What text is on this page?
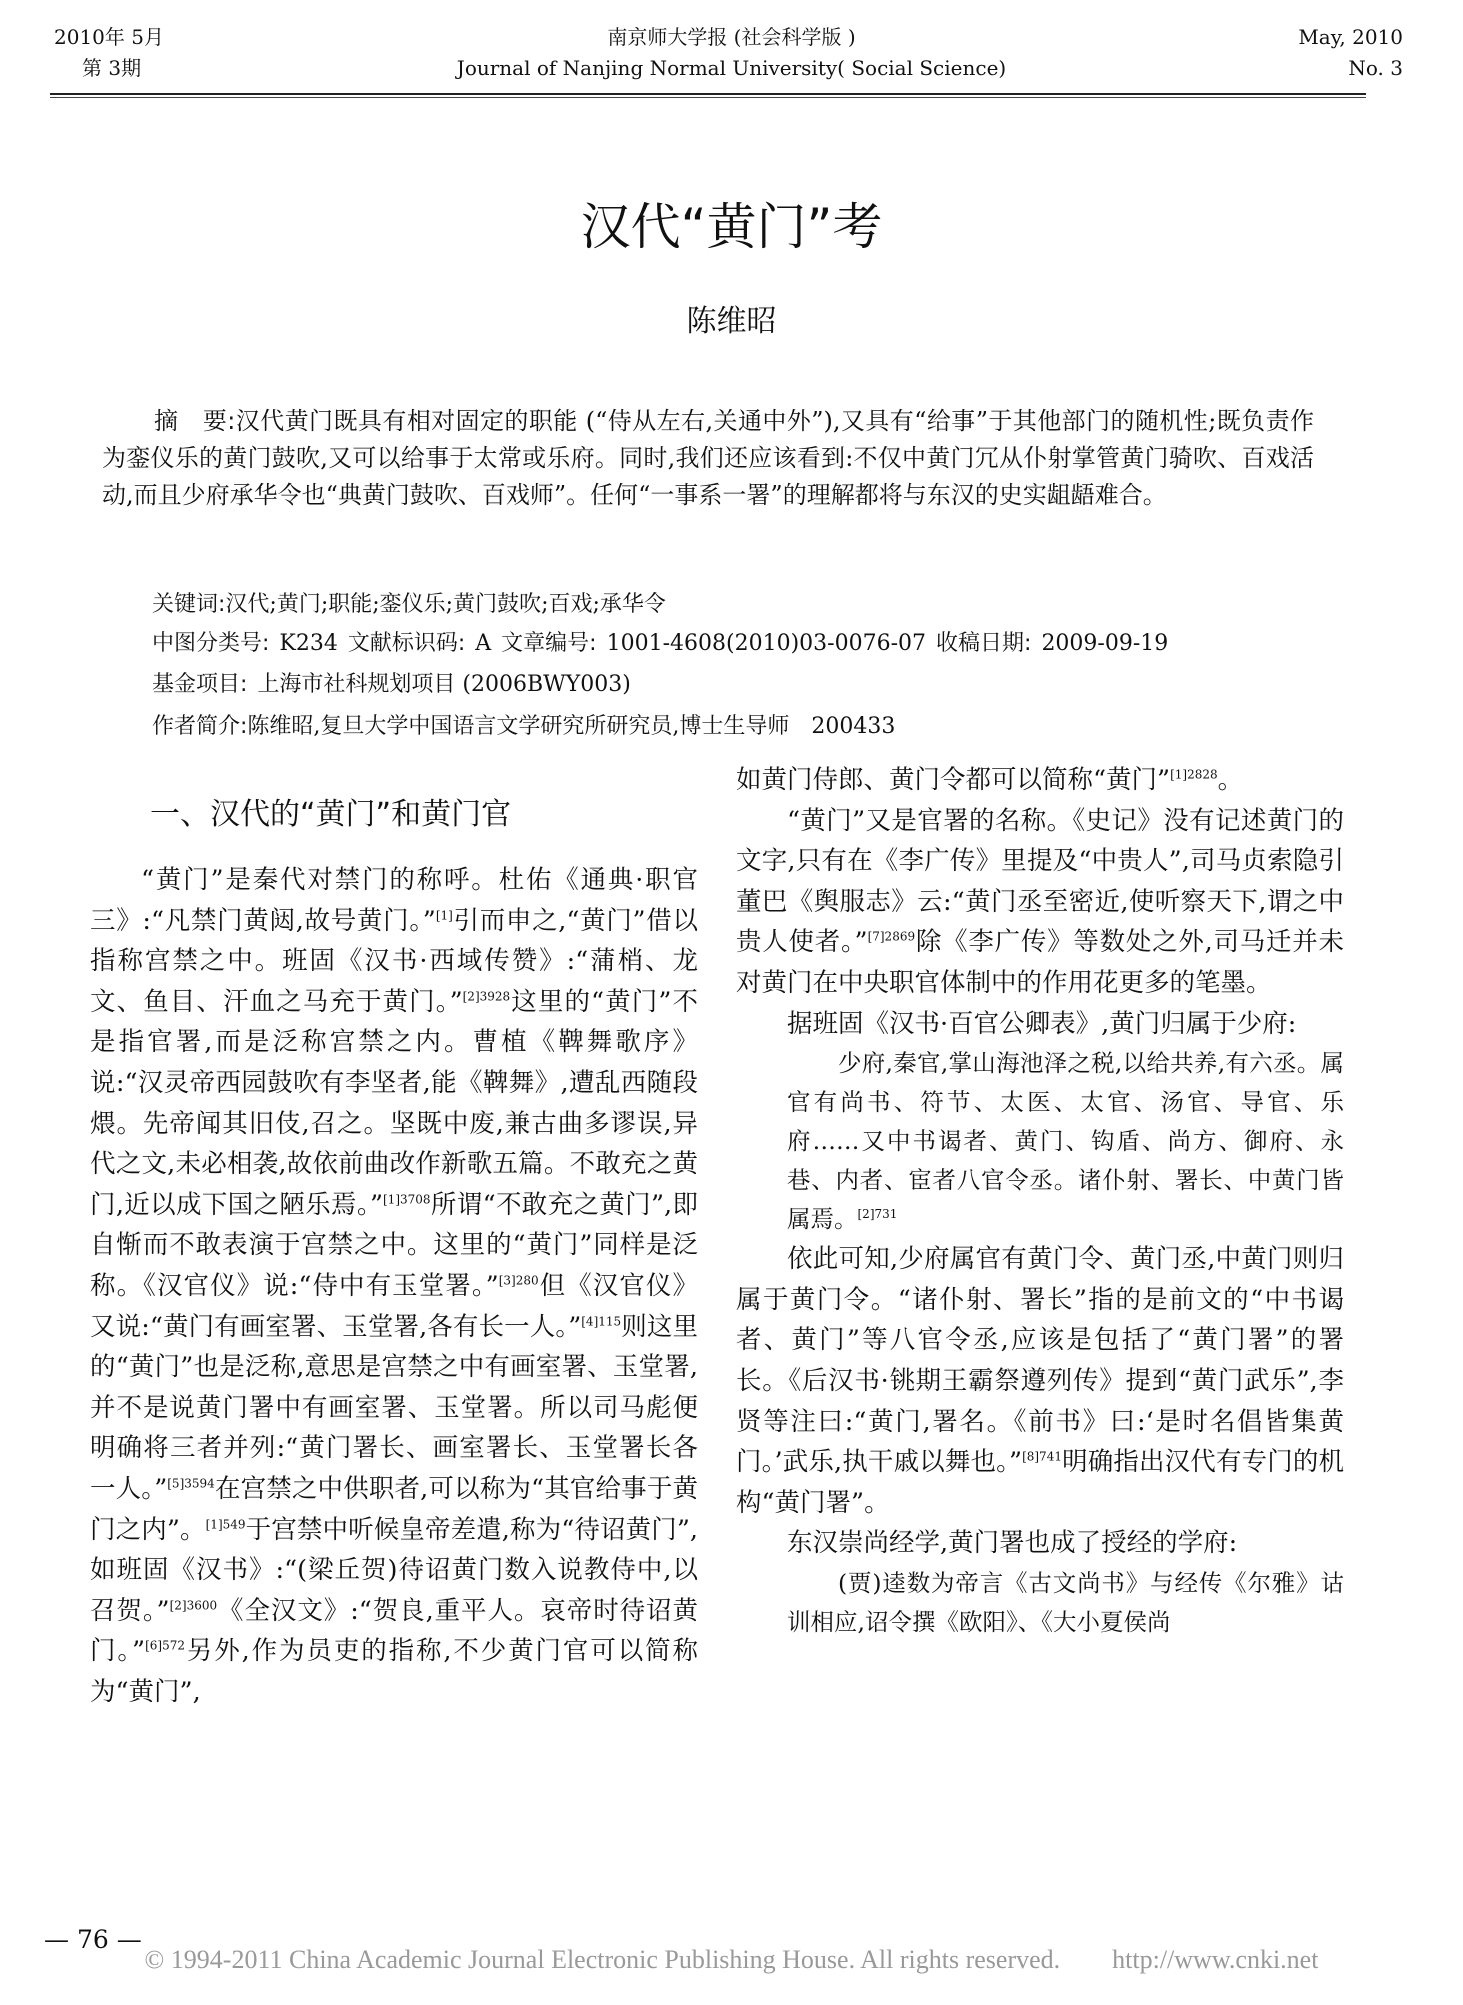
2010年 5月
第 3期
南京师大学报 (社会科学版 )
Journal of Nanjing Normal University( Social Science)
May, 2010
No. 3
汉代“黄门”考
陈维昭
摘　要:汉代黄门既具有相对固定的职能 (“侍从左右,关通中外”),又具有“给事”于其他部门的随机性;既负责作为銮仪乐的黄门鼓吹,又可以给事于太常或乐府。同时,我们还应该看到:不仅中黄门冗从仆射掌管黄门骑吹、百戏活动,而且少府承华令也“典黄门鼓吹、百戏师”。任何“一事系一署”的理解都将与东汉的史实龃龉难合。
关键词:汉代;黄门;职能;銮仪乐;黄门鼓吹;百戏;承华令
中图分类号: K234 文献标识码: A 文章编号: 1001-4608(2010)03-0076-07 收稿日期: 2009-09-19
基金项目: 上海市社科规划项目 (2006BWY003)
作者简介:陈维昭,复旦大学中国语言文学研究所研究员,博士生导师　200433
一、汉代的“黄门”和黄门官

“黄门”是秦代对禁门的称呼。杜佑《通典·职官三》:“凡禁门黄闼,故号黄门。”[1]引而申之,“黄门”借以指称宫禁之中。班固《汉书·西域传赞》:“蒲梢、龙文、鱼目、汗血之马充于黄门。”$^{[2]3928}$这里的“黄门”不是指官署,而是泛称宫禁之内。曹植《鞞舞歌序》说:“汉灵帝西园鼓吹有李坚者,能《鞞舞》,遭乱西随段煨。先帝闻其旧伎,召之。坚既中废,兼古曲多谬误,异代之文,未必相袭,故依前曲改作新歌五篇。不敢充之黄门,近以成下国之陋乐焉。”$^{[1]3708}$所谓“不敢充之黄门”,即自惭而不敢表演于宫禁之中。这里的“黄门”同样是泛称。《汉官仪》说:“侍中有玉堂署。”$^{[3]280}$但《汉官仪》又说:“黄门有画室署、玉堂署,各有长一人。”$^{[4]115}$则这里的“黄门”也是泛称,意思是宫禁之中有画室署、玉堂署,并不是说黄门署中有画室署、玉堂署。所以司马彪便明确将三者并列:“黄门署长、画室署长、玉堂署长各一人。”$^{[5]3594}$在宫禁之中供职者,可以称为“其官给事于黄门之内”。$^{[1]549}$于宫禁中听候皇帝差遣,称为“待诏黄门”,如班固《汉书》:“(梁丘贺)待诏黄门数入说教侍中,以召贺。”$^{[2]3600}$《全汉文》:“贺良,重平人。哀帝时待诏黄门。”$^{[6]572}$另外,作为员吏的指称,不少黄门官可以简称为“黄门”,

如黄门侍郎、黄门令都可以简称“黄门”$^{[1]2828}$。

“黄门”又是官署的名称。《史记》没有记述黄门的文字,只有在《李广传》里提及“中贵人”,司马贞索隐引董巴《舆服志》云:“黄门丞至密近,使听察天下,谓之中贵人使者。”$^{[7]2869}$除《李广传》等数处之外,司马迁并未对黄门在中央职官体制中的作用花更多的笔墨。

据班固《汉书·百官公卿表》,黄门归属于少府:

少府,秦官,掌山海池泽之税,以给共养,有六丞。属官有尚书、符节、太医、太官、汤官、导官、乐府……又中书谒者、黄门、钩盾、尚方、御府、永巷、内者、宦者八官令丞。诸仆射、署长、中黄门皆属焉。$^{[2]731}$

依此可知,少府属官有黄门令、黄门丞,中黄门则归属于黄门令。“诸仆射、署长”指的是前文的“中书谒者、黄门”等八官令丞,应该是包括了“黄门署”的署长。《后汉书·铫期王霸祭遵列传》提到“黄门武乐”,李贤等注曰:“黄门,署名。《前书》曰:‘是时名倡皆集黄门。’武乐,执干戚以舞也。”$^{[8]741}$明确指出汉代有专门的机构“黄门署”。

东汉崇尚经学,黄门署也成了授经的学府:

(贾)逵数为帝言《古文尚书》与经传《尔雅》诂训相应,诏令撰《欧阳》、《大小夏侯尚

— 76 —
© 1994-2011 China Academic Journal Electronic Publishing House. All rights reserved.　　http://www.cnki.net
